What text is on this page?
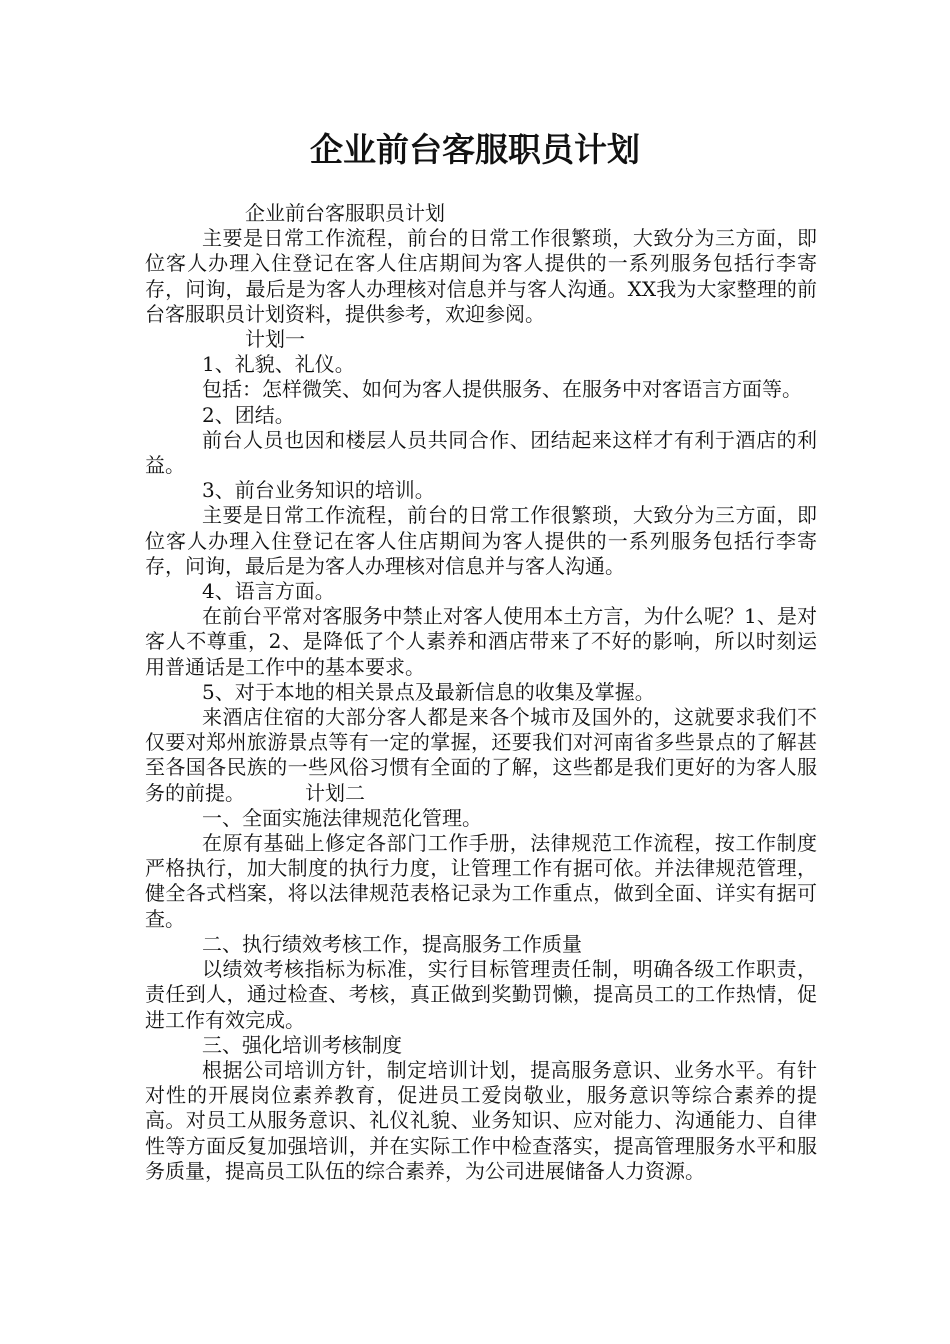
企业前台客服职员计划

企业前台客服职员计划

主要是日常工作流程，前台的日常工作很繁琐，大致分为三方面，即位客人办理入住登记在客人住店期间为客人提供的一系列服务包括行李寄存，问询，最后是为客人办理核对信息并与客人沟通。XX我为大家整理的前台客服职员计划资料，提供参考，欢迎参阅。

计划一

1、礼貌、礼仪。

包括：怎样微笑、如何为客人提供服务、在服务中对客语言方面等。

2、团结。

前台人员也因和楼层人员共同合作、团结起来这样才有利于酒店的利益。

3、前台业务知识的培训。

主要是日常工作流程，前台的日常工作很繁琐，大致分为三方面，即位客人办理入住登记在客人住店期间为客人提供的一系列服务包括行李寄存，问询，最后是为客人办理核对信息并与客人沟通。

4、语言方面。

在前台平常对客服务中禁止对客人使用本土方言，为什么呢？1、是对客人不尊重，2、是降低了个人素养和酒店带来了不好的影响，所以时刻运用普通话是工作中的基本要求。

5、对于本地的相关景点及最新信息的收集及掌握。

来酒店住宿的大部分客人都是来各个城市及国外的，这就要求我们不仅要对郑州旅游景点等有一定的掌握，还要我们对河南省多些景点的了解甚至各国各民族的一些风俗习惯有全面的了解，这些都是我们更好的为客人服务的前提。	计划二

一、全面实施法律规范化管理。

在原有基础上修定各部门工作手册，法律规范工作流程，按工作制度严格执行，加大制度的执行力度，让管理工作有据可依。并法律规范管理，健全各式档案，将以法律规范表格记录为工作重点，做到全面、详实有据可查。

二、执行绩效考核工作，提高服务工作质量

以绩效考核指标为标准，实行目标管理责任制，明确各级工作职责，责任到人，通过检查、考核，真正做到奖勤罚懒，提高员工的工作热情，促进工作有效完成。

三、强化培训考核制度

根据公司培训方针，制定培训计划，提高服务意识、业务水平。有针对性的开展岗位素养教育，促进员工爱岗敬业，服务意识等综合素养的提高。对员工从服务意识、礼仪礼貌、业务知识、应对能力、沟通能力、自律性等方面反复加强培训，并在实际工作中检查落实，提高管理服务水平和服务质量，提高员工队伍的综合素养，为公司进展储备人力资源。
